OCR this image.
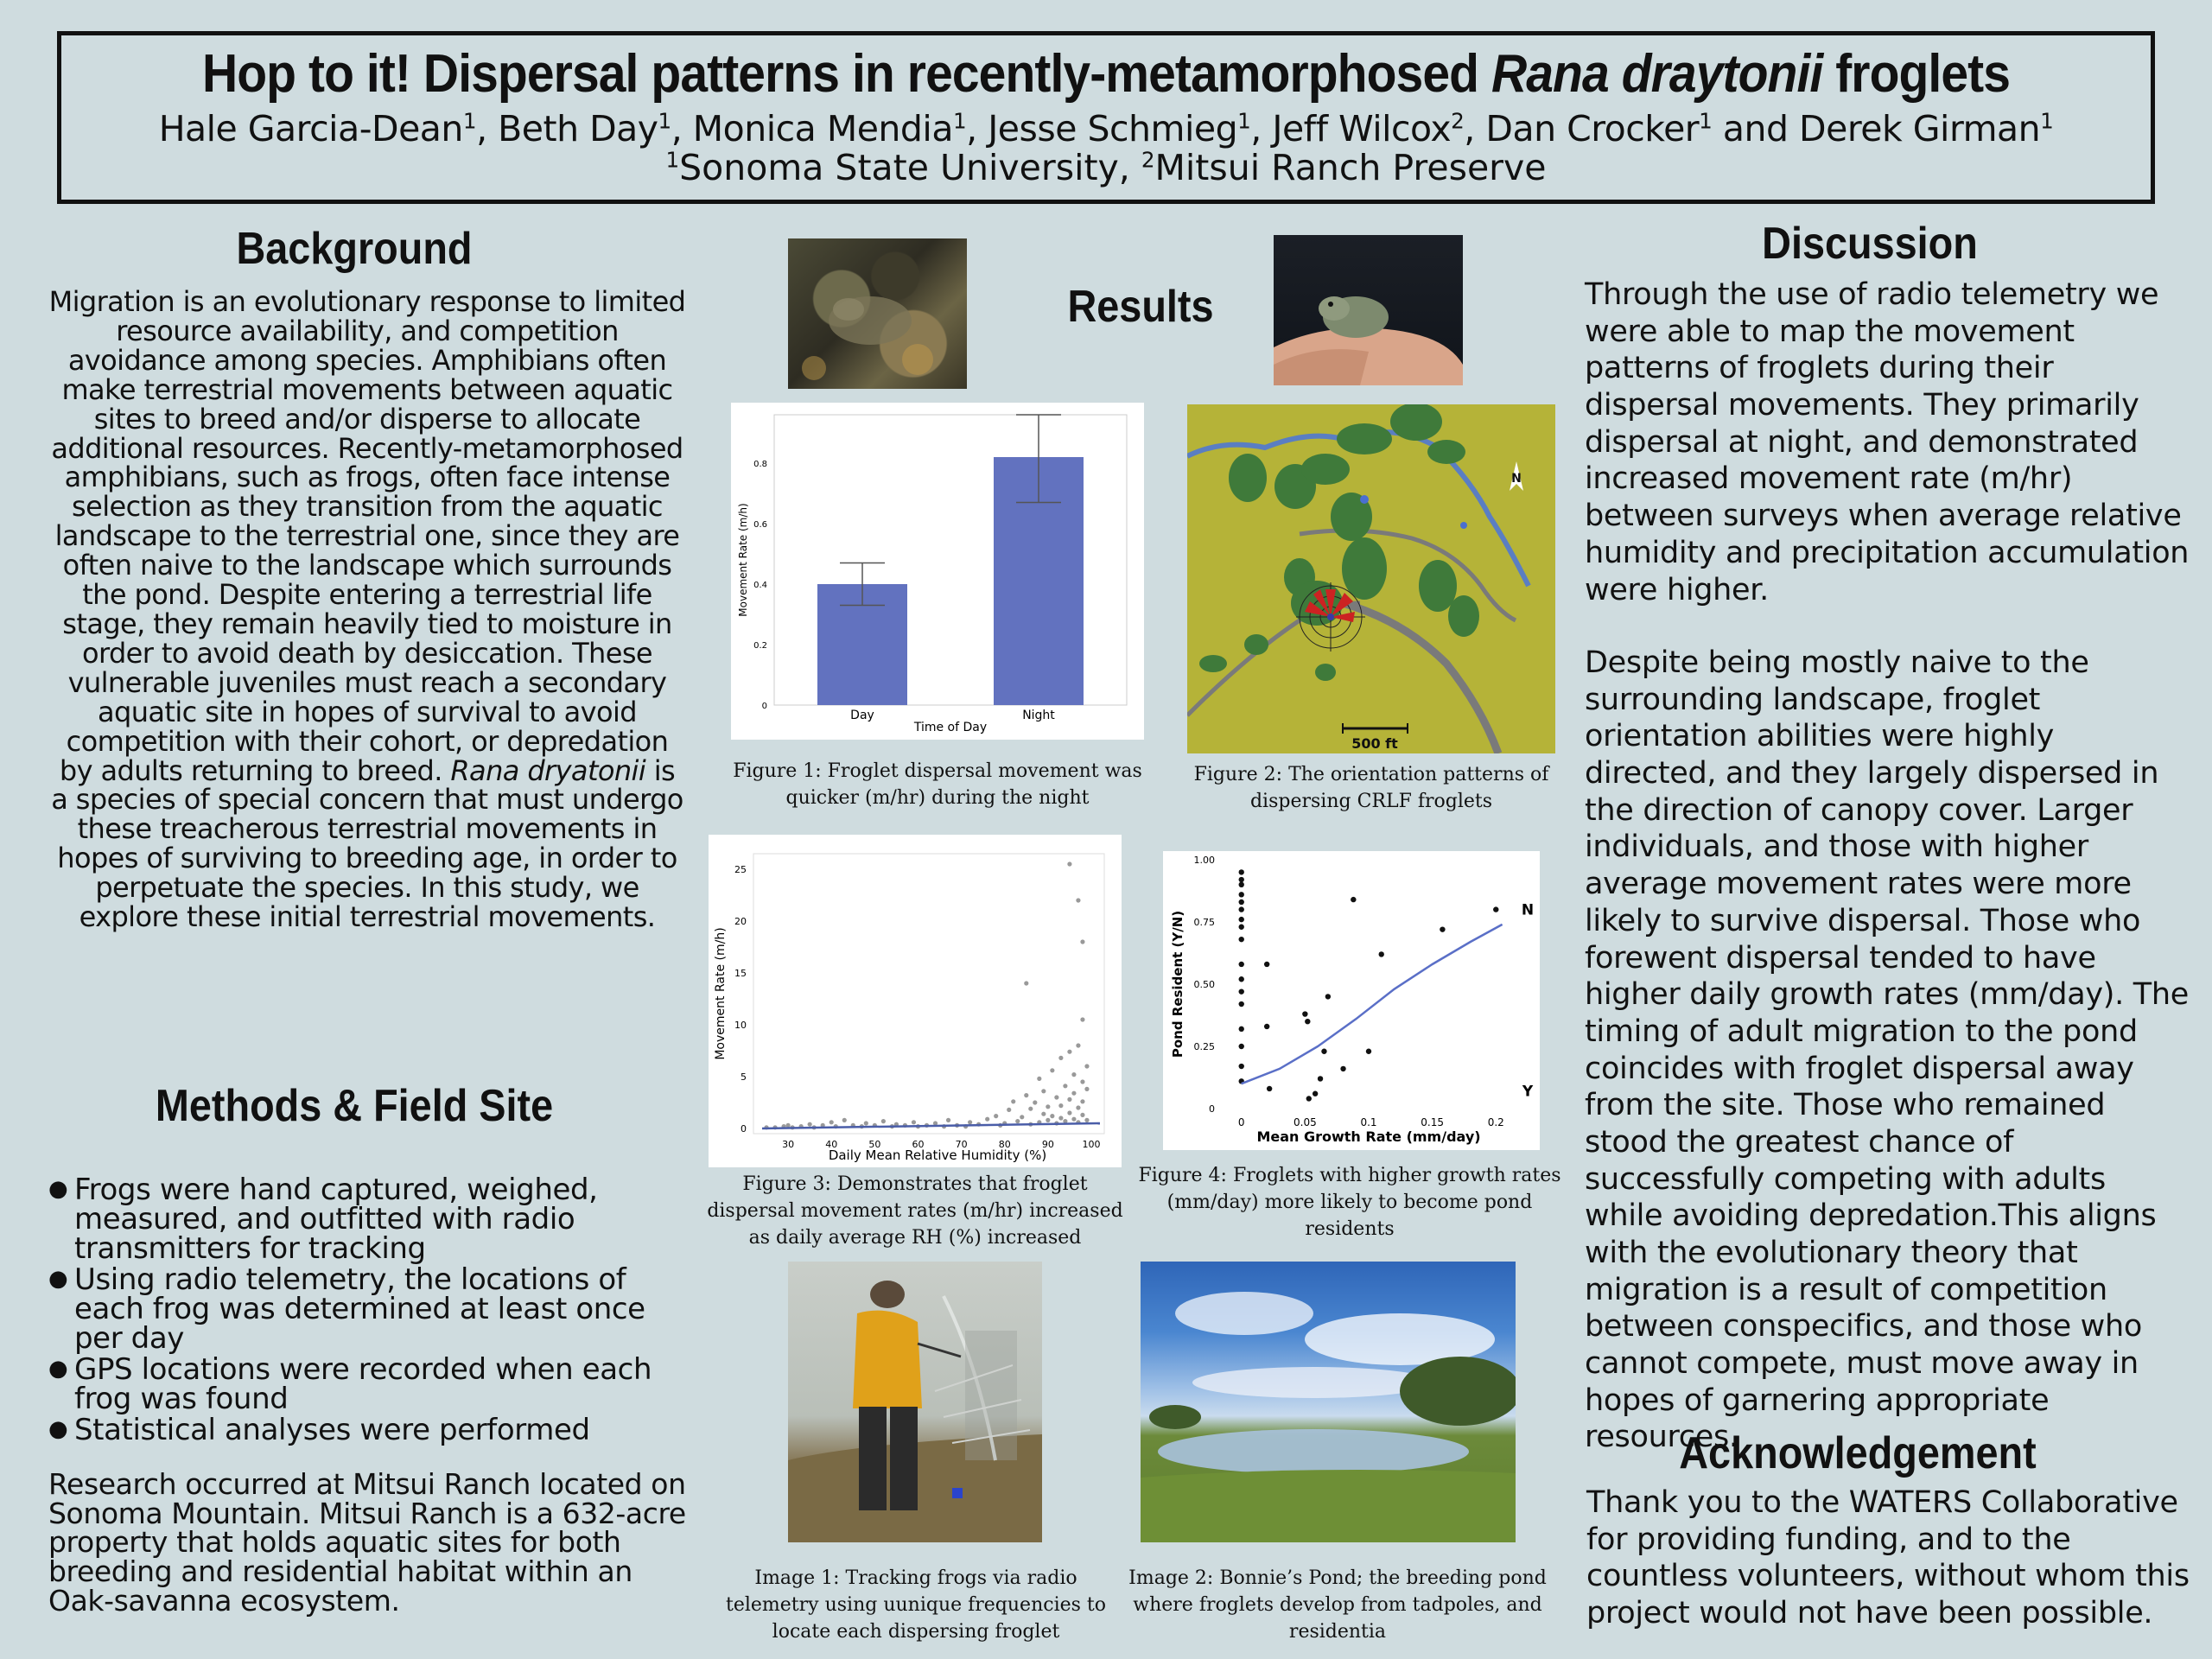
Hop to it! Dispersal patterns in recently-metamorphosed Rana draytonii froglets
Hale Garcia-Dean$^1$, Beth Day$^1$, Monica Mendia$^1$, Jesse Schmieg$^1$, Jeff Wilcox$^2$, Dan Crocker$^1$ and Derek Girman$^1$
$^1$Sonoma State University, $^2$Mitsui Ranch Preserve
Background
Migration is an evolutionary response to limited resource availability, and competition avoidance among species. Amphibians often make terrestrial movements between aquatic sites to breed and/or disperse to allocate additional resources. Recently-metamorphosed amphibians, such as frogs, often face intense selection as they transition from the aquatic landscape to the terrestrial one, since they are often naive to the landscape which surrounds the pond. Despite entering a terrestrial life stage, they remain heavily tied to moisture in order to avoid death by desiccation. These vulnerable juveniles must reach a secondary aquatic site in hopes of survival to avoid competition with their cohort, or depredation by adults returning to breed. Rana dryatonii is a species of special concern that must undergo these treacherous terrestrial movements in hopes of surviving to breeding age, in order to perpetuate the species. In this study, we explore these initial terrestrial movements.
Methods & Field Site
● Frogs were hand captured, weighed, measured, and outfitted with radio transmitters for tracking
● Using radio telemetry, the locations of each frog was determined at least once per day
● GPS locations were recorded when each frog was found
● Statistical analyses were performed
Research occurred at Mitsui Ranch located on Sonoma Mountain. Mitsui Ranch is a 632-acre property that holds aquatic sites for both breeding and residential habitat within an Oak-savanna ecosystem.
Results
0
0.2
0.4
0.6
0.8
Movement Rate (m/h)
Day	Night
Time of Day
Figure 1: Froglet dispersal movement was quicker (m/hr) during the night
N
500 ft
Figure 2: The orientation patterns of dispersing CRLF froglets
0
5
10
15
20
25
30	40	50	60	70	80	90	100
Movement Rate (m/h)
Daily Mean Relative Humidity (%)
Figure 3: Demonstrates that froglet dispersal movement rates (m/hr) increased as daily average RH (%) increased
0
0.25
0.50
0.75
1.00
0	0.05	0.1	0.15	0.2
Pond Resident (Y/N)
Mean Growth Rate (mm/day)
N
Y
Figure 4: Froglets with higher growth rates (mm/day) more likely to become pond residents
Image 1: Tracking frogs via radio telemetry using uunique frequencies to locate each dispersing froglet
Image 2: Bonnie’s Pond; the breeding pond where froglets develop from tadpoles, and residentia
Discussion
Through the use of radio telemetry we were able to map the movement patterns of froglets during their dispersal movements. They primarily dispersal at night, and demonstrated increased movement rate (m/hr) between surveys when average relative humidity and precipitation accumulation were higher.
Despite being mostly naive to the surrounding landscape, froglet orientation abilities were highly directed, and they largely dispersed in the direction of canopy cover. Larger individuals, and those with higher average movement rates were more likely to survive dispersal. Those who forewent dispersal tended to have higher daily growth rates (mm/day). The timing of adult migration to the pond coincides with froglet dispersal away from the site. Those who remained stood the greatest chance of successfully competing with adults while avoiding depredation.This aligns with the evolutionary theory that migration is a result of competition between conspecifics, and those who cannot compete, must move away in hopes of garnering appropriate resources.
Acknowledgement
Thank you to the WATERS Collaborative for providing funding, and to the countless volunteers, without whom this project would not have been possible.
